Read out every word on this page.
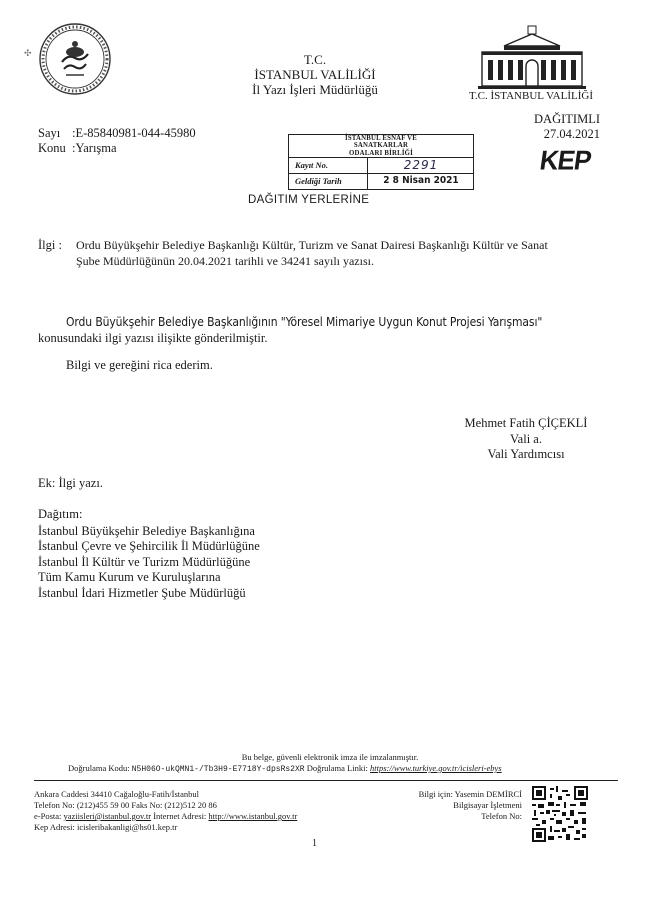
✣	T.C.
İSTANBUL VALİLİĞİ
İl Yazı İşleri Müdürlüğü	T.C. İSTANBUL VALİLİĞİ
Sayı :E-85840981-044-45980
Konu :Yarışma
DAĞITIMLI
27.04.2021
İSTANBUL ESNAF VE
SANATKARLAR
ODALARI BİRLİĞİ
Kayıt No.	2291
Geldiği Tarih	2 8 Nisan 2021
KEP
DAĞITIM YERLERİNE
İlgi : Ordu Büyükşehir Belediye Başkanlığı Kültür, Turizm ve Sanat Dairesi Başkanlığı Kültür ve Sanat
Şube Müdürlüğünün 20.04.2021 tarihli ve 34241 sayılı yazısı.
Ordu Büyükşehir Belediye Başkanlığının "Yöresel Mimariye Uygun Konut Projesi Yarışması"
konusundaki ilgi yazısı ilişikte gönderilmiştir.
Bilgi ve gereğini rica ederim.
Mehmet Fatih ÇİÇEKLİ
Vali a.
Vali Yardımcısı
Ek: İlgi yazı.
Dağıtım:
İstanbul Büyükşehir Belediye Başkanlığına
İstanbul Çevre ve Şehircilik İl Müdürlüğüne
İstanbul İl Kültür ve Turizm Müdürlüğüne
Tüm Kamu Kurum ve Kuruluşlarına
İstanbul İdari Hizmetler Şube Müdürlüğü
Bu belge, güvenli elektronik imza ile imzalanmıştır.
Doğrulama Kodu: N5H06O-ukQMN1-/Tb3H9-E7718Y-dpsRs2XR Doğrulama Linki: https://www.turkiye.gov.tr/icisleri-ebys
Ankara Caddesi 34410 Cağaloğlu-Fatih/İstanbul
Telefon No: (212)455 59 00 Faks No: (212)512 20 86
e-Posta: yaziisleri@istanbul.gov.tr İnternet Adresi: http://www.istanbul.gov.tr
Kep Adresi: icisleribakanligi@hs01.kep.tr
Bilgi için: Yasemin DEMİRCİ
Bilgisayar İşletmeni
Telefon No:
1
